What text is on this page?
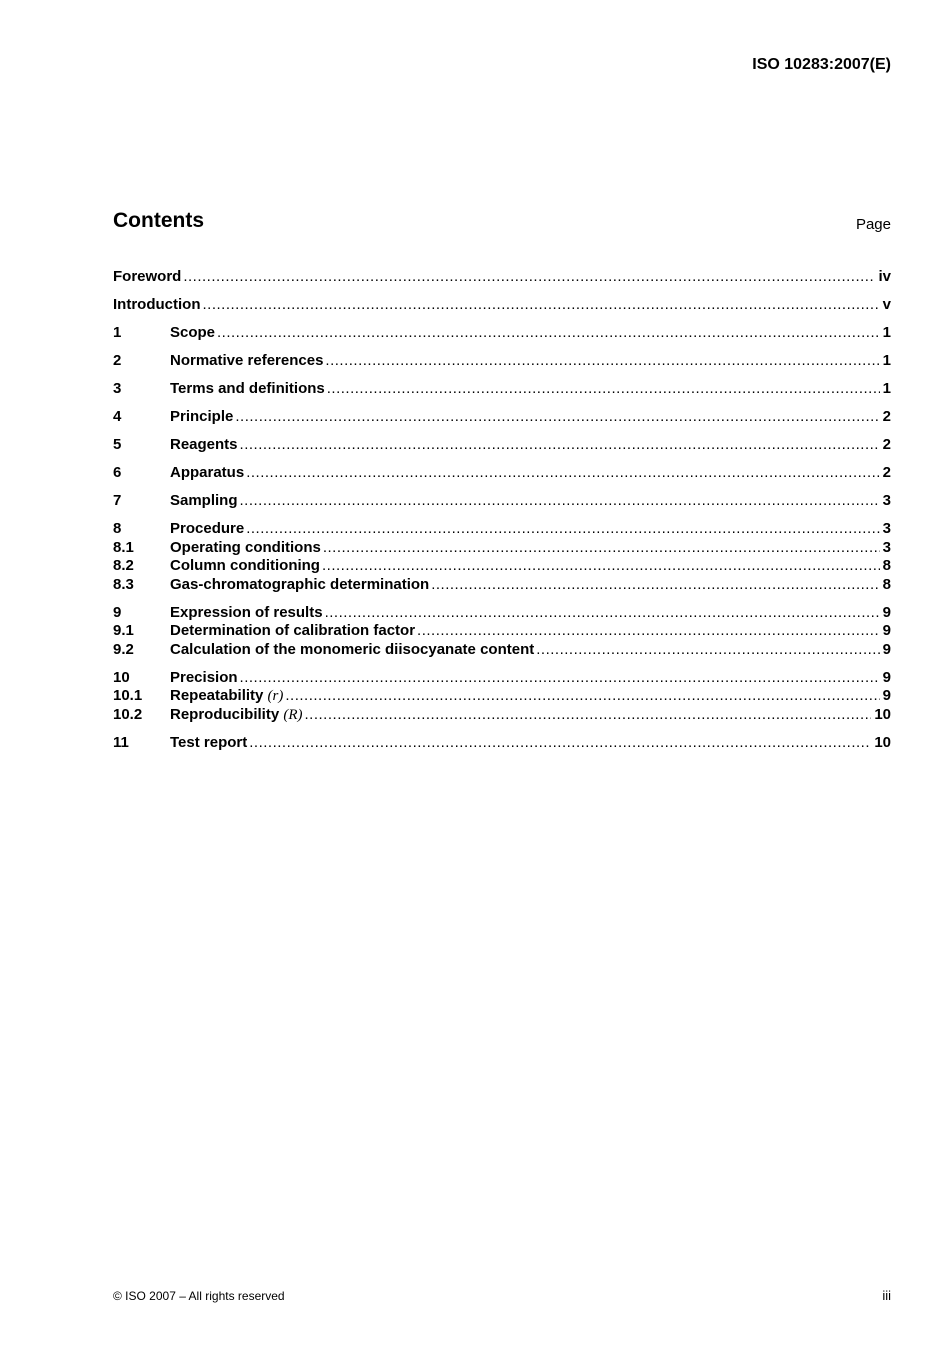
ISO 10283:2007(E)
Contents	Page
Foreword .....	iv
Introduction .....	v
1	Scope .....	1
2	Normative references .....	1
3	Terms and definitions .....	1
4	Principle .....	2
5	Reagents .....	2
6	Apparatus .....	2
7	Sampling .....	3
8	Procedure .....	3
8.1	Operating conditions .....	3
8.2	Column conditioning .....	8
8.3	Gas-chromatographic determination .....	8
9	Expression of results .....	9
9.1	Determination of calibration factor .....	9
9.2	Calculation of the monomeric diisocyanate content .....	9
10	Precision .....	9
10.1	Repeatability (r) .....	9
10.2	Reproducibility (R) .....	10
11	Test report .....	10
© ISO 2007 – All rights reserved	iii
